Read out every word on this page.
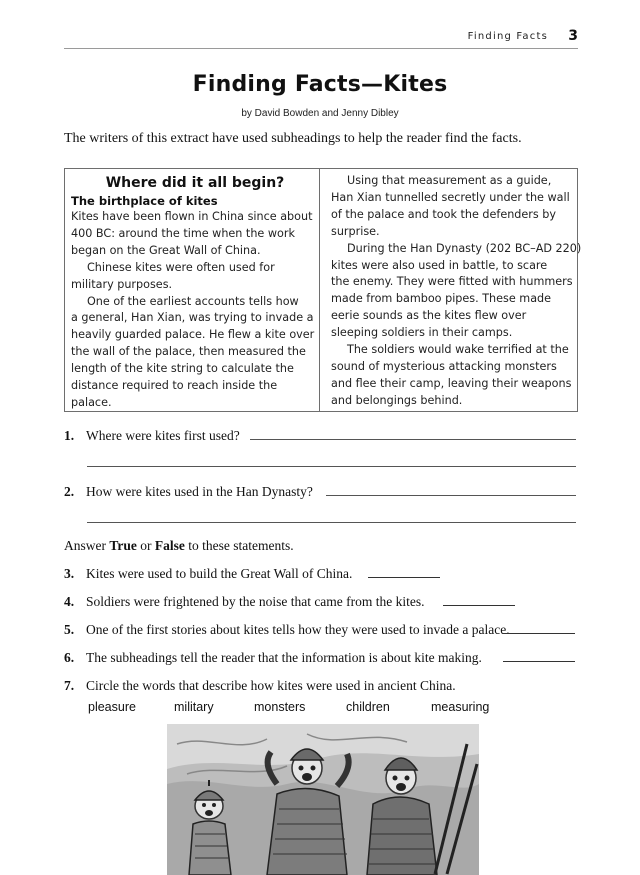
Finding Facts 3
Finding Facts—Kites
by David Bowden and Jenny Dibley
The writers of this extract have used subheadings to help the reader find the facts.
Where did it all begin?
The birthplace of kites
Kites have been flown in China since about
400 BC: around the time when the work
began on the Great Wall of China.
Chinese kites were often used for
military purposes.
One of the earliest accounts tells how
a general, Han Xian, was trying to invade a
heavily guarded palace. He flew a kite over
the wall of the palace, then measured the
length of the kite string to calculate the
distance required to reach inside the
palace.
Using that measurement as a guide,
Han Xian tunnelled secretly under the wall
of the palace and took the defenders by
surprise.
During the Han Dynasty (202 BC–AD 220)
kites were also used in battle, to scare
the enemy. They were fitted with hummers
made from bamboo pipes. These made
eerie sounds as the kites flew over
sleeping soldiers in their camps.
The soldiers would wake terrified at the
sound of mysterious attacking monsters
and flee their camp, leaving their weapons
and belongings behind.
1. Where were kites first used?
2. How were kites used in the Han Dynasty?
Answer True or False to these statements.
3. Kites were used to build the Great Wall of China.
4. Soldiers were frightened by the noise that came from the kites.
5. One of the first stories about kites tells how they were used to invade a palace.
6. The subheadings tell the reader that the information is about kite making.
7. Circle the words that describe how kites were used in ancient China.
pleasure	military	monsters	children	measuring
